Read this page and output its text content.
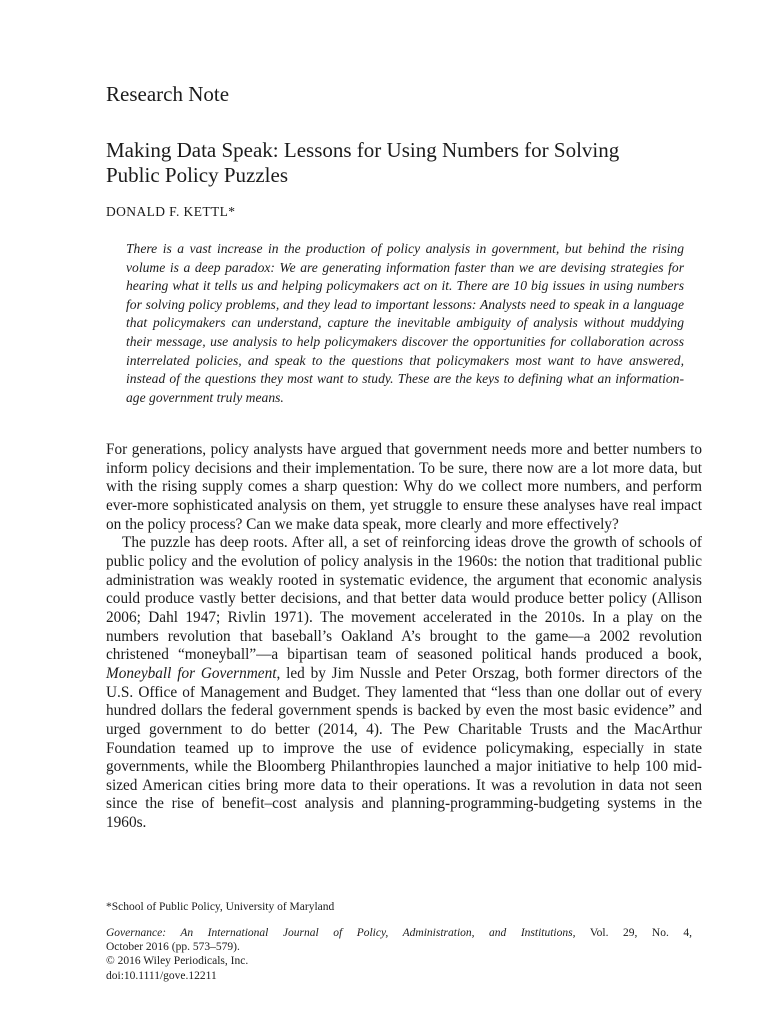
Research Note
Making Data Speak: Lessons for Using Numbers for Solving Public Policy Puzzles
DONALD F. KETTL*

There is a vast increase in the production of policy analysis in government, but behind the rising volume is a deep paradox: We are generating information faster than we are devising strategies for hearing what it tells us and helping policymakers act on it. There are 10 big issues in using numbers for solving policy problems, and they lead to important lessons: Analysts need to speak in a language that policymakers can understand, capture the inevitable ambiguity of analysis without muddying their message, use analysis to help policymakers discover the opportunities for collaboration across interrelated policies, and speak to the questions that policymakers most want to have answered, instead of the questions they most want to study. These are the keys to defining what an information-age government truly means.

For generations, policy analysts have argued that government needs more and better numbers to inform policy decisions and their implementation. To be sure, there now are a lot more data, but with the rising supply comes a sharp question: Why do we collect more numbers, and perform ever-more sophisticated analysis on them, yet struggle to ensure these analyses have real impact on the policy process? Can we make data speak, more clearly and more effectively?

The puzzle has deep roots. After all, a set of reinforcing ideas drove the growth of schools of public policy and the evolution of policy analysis in the 1960s: the notion that traditional public administration was weakly rooted in systematic evidence, the argument that economic analysis could produce vastly better decisions, and that better data would produce better policy (Allison 2006; Dahl 1947; Rivlin 1971). The movement accelerated in the 2010s. In a play on the numbers revolution that baseball’s Oakland A’s brought to the game—a 2002 revolution christened “moneyball”—a bipartisan team of seasoned political hands produced a book, Moneyball for Government, led by Jim Nussle and Peter Orszag, both former directors of the U.S. Office of Management and Budget. They lamented that “less than one dollar out of every hundred dollars the federal government spends is backed by even the most basic evidence” and urged government to do better (2014, 4). The Pew Charitable Trusts and the MacArthur Foundation teamed up to improve the use of evidence policymaking, especially in state governments, while the Bloomberg Philanthropies launched a major initiative to help 100 mid-sized American cities bring more data to their operations. It was a revolution in data not seen since the rise of benefit–cost analysis and planning-programming-budgeting systems in the 1960s.

*School of Public Policy, University of Maryland
Governance: An International Journal of Policy, Administration, and Institutions, Vol. 29, No. 4,
October 2016 (pp. 573–579).
© 2016 Wiley Periodicals, Inc.
doi:10.1111/gove.12211
